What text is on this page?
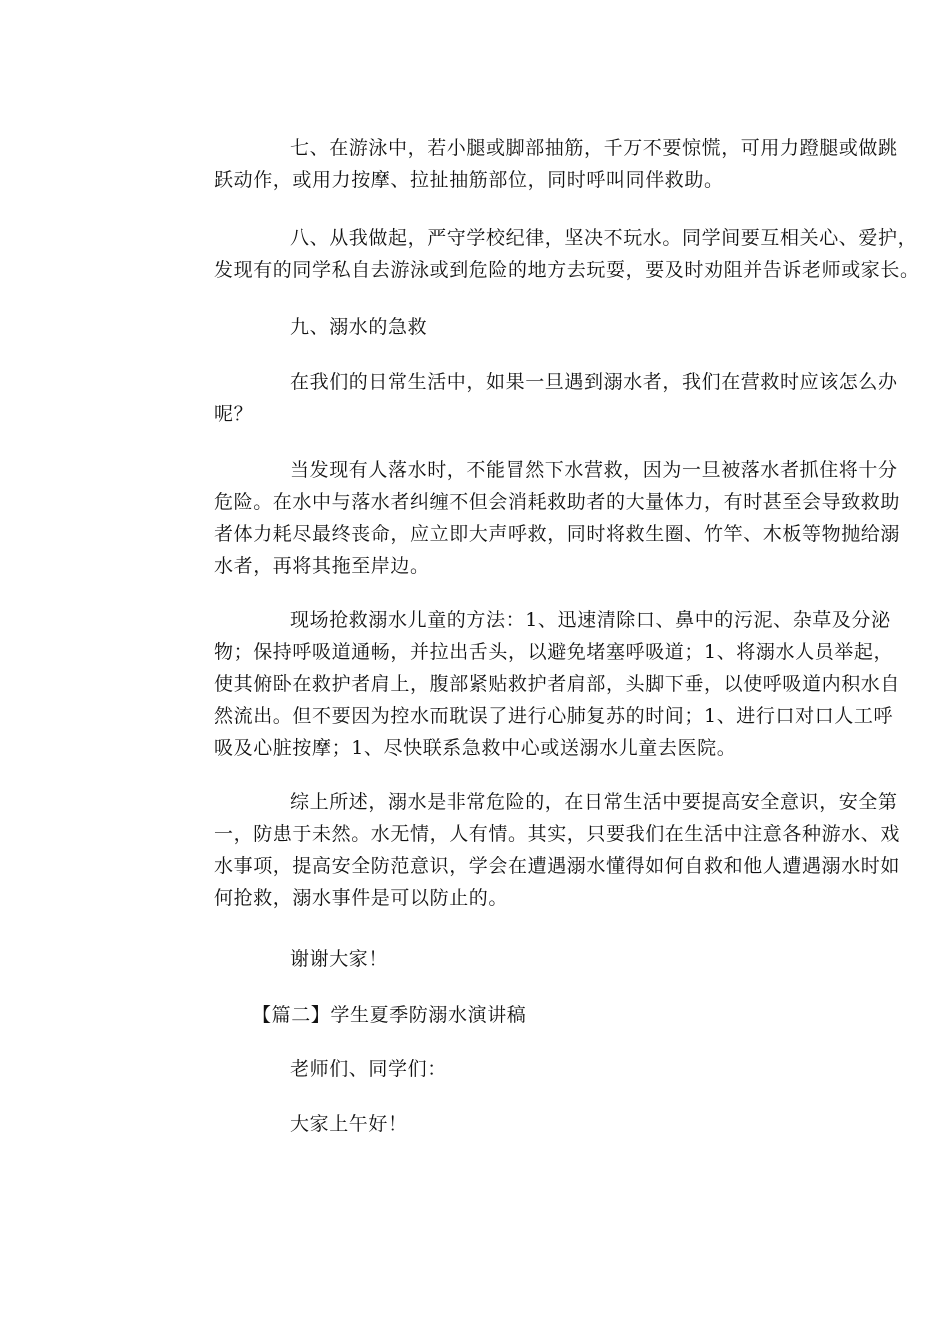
七、在游泳中，若小腿或脚部抽筋，千万不要惊慌，可用力蹬腿或做跳
跃动作，或用力按摩、拉扯抽筋部位，同时呼叫同伴救助。
八、从我做起，严守学校纪律，坚决不玩水。同学间要互相关心、爱护，
发现有的同学私自去游泳或到危险的地方去玩耍，要及时劝阻并告诉老师或家长。
九、溺水的急救
在我们的日常生活中，如果一旦遇到溺水者，我们在营救时应该怎么办
呢？
当发现有人落水时，不能冒然下水营救，因为一旦被落水者抓住将十分
危险。在水中与落水者纠缠不但会消耗救助者的大量体力，有时甚至会导致救助
者体力耗尽最终丧命，应立即大声呼救，同时将救生圈、竹竿、木板等物抛给溺
水者，再将其拖至岸边。
现场抢救溺水儿童的方法：1、迅速清除口、鼻中的污泥、杂草及分泌
物；保持呼吸道通畅，并拉出舌头，以避免堵塞呼吸道；1、将溺水人员举起，
使其俯卧在救护者肩上，腹部紧贴救护者肩部，头脚下垂，以使呼吸道内积水自
然流出。但不要因为控水而耽误了进行心肺复苏的时间；1、进行口对口人工呼
吸及心脏按摩；1、尽快联系急救中心或送溺水儿童去医院。
综上所述，溺水是非常危险的，在日常生活中要提高安全意识，安全第
一，防患于未然。水无情，人有情。其实，只要我们在生活中注意各种游水、戏
水事项，提高安全防范意识，学会在遭遇溺水懂得如何自救和他人遭遇溺水时如
何抢救，溺水事件是可以防止的。
谢谢大家！
【篇二】学生夏季防溺水演讲稿
老师们、同学们：
大家上午好！
